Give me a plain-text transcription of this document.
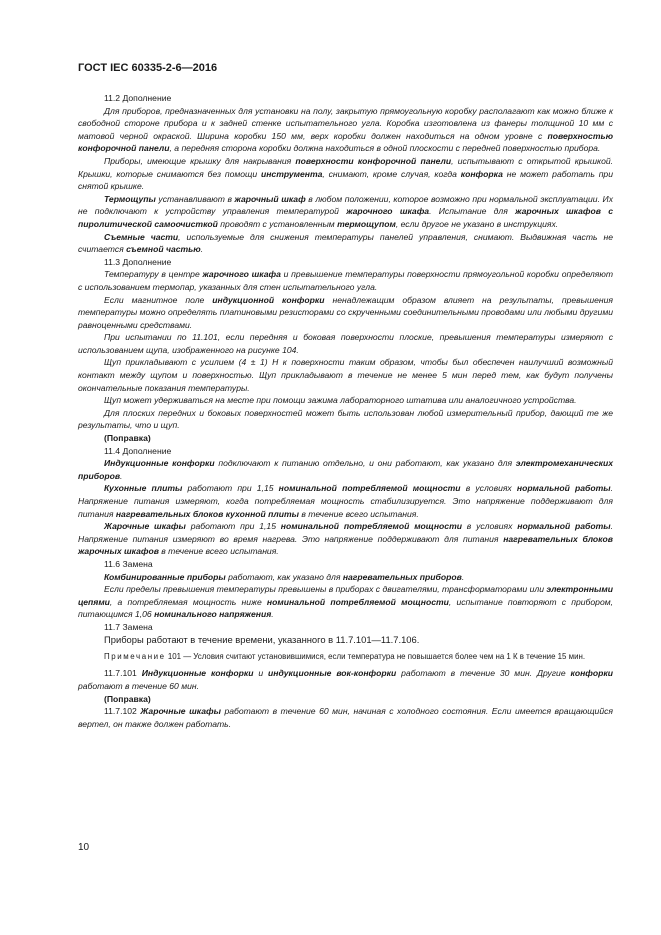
ГОСТ IEC 60335-2-6—2016

11.2 Дополнение

Для приборов, предназначенных для установки на полу, закрытую прямоугольную коробку располагают как можно ближе к свободной стороне прибора и к задней стенке испытательного угла. Коробка изготовлена из фанеры толщиной 10 мм с матовой черной окраской. Ширина коробки 150 мм, верх коробки должен находиться на одном уровне с поверхностью конфорочной панели, а передняя сторона коробки должна находиться в одной плоскости с передней поверхностью прибора.

Приборы, имеющие крышку для накрывания поверхности конфорочной панели, испытывают с открытой крышкой. Крышки, которые снимаются без помощи инструмента, снимают, кроме случая, когда конфорка не может работать при снятой крышке.

Термощупы устанавливают в жарочный шкаф в любом положении, которое возможно при нормальной эксплуатации. Их не подключают к устройству управления температурой жарочного шкафа. Испытание для жарочных шкафов с пиролитической самоочисткой проводят с установленным термощупом, если другое не указано в инструкциях.

Съемные части, используемые для снижения температуры панелей управления, снимают. Выдвижная часть не считается съемной частью.

11.3 Дополнение

Температуру в центре жарочного шкафа и превышение температуры поверхности прямоугольной коробки определяют с использованием термопар, указанных для стен испытательного угла.

Если магнитное поле индукционной конфорки ненадлежащим образом влияет на результаты, превышения температуры можно определять платиновыми резисторами со скрученными соединительными проводами или любыми другими равноценными средствами.

При испытании по 11.101, если передняя и боковая поверхности плоские, превышения температуры измеряют с использованием щупа, изображенного на рисунке 104.

Щуп прикладывают с усилием (4 ± 1) Н к поверхности таким образом, чтобы был обеспечен наилучший возможный контакт между щупом и поверхностью. Щуп прикладывают в течение не менее 5 мин перед тем, как будут получены окончательные показания температуры.

Щуп может удерживаться на месте при помощи зажима лабораторного штатива или аналогичного устройства.

Для плоских передних и боковых поверхностей может быть использован любой измерительный прибор, дающий те же результаты, что и щуп.

(Поправка)

11.4 Дополнение

Индукционные конфорки подключают к питанию отдельно, и они работают, как указано для электромеханических приборов.

Кухонные плиты работают при 1,15 номинальной потребляемой мощности в условиях нормальной работы. Напряжение питания измеряют, когда потребляемая мощность стабилизируется. Это напряжение поддерживают для питания нагревательных блоков кухонной плиты в течение всего испытания.

Жарочные шкафы работают при 1,15 номинальной потребляемой мощности в условиях нормальной работы. Напряжение питания измеряют во время нагрева. Это напряжение поддерживают для питания нагревательных блоков жарочных шкафов в течение всего испытания.

11.6 Замена

Комбинированные приборы работают, как указано для нагревательных приборов.

Если пределы превышения температуры превышены в приборах с двигателями, трансформаторами или электронными цепями, а потребляемая мощность ниже номинальной потребляемой мощности, испытание повторяют с прибором, питающимся 1,06 номинального напряжения.

11.7 Замена

Приборы работают в течение времени, указанного в 11.7.101—11.7.106.

Примечание 101 — Условия считают установившимися, если температура не повышается более чем на 1 К в течение 15 мин.

11.7.101 Индукционные конфорки и индукционные вок-конфорки работают в течение 30 мин. Другие конфорки работают в течение 60 мин.

(Поправка)

11.7.102 Жарочные шкафы работают в течение 60 мин, начиная с холодного состояния. Если имеется вращающийся вертел, он также должен работать.

10
